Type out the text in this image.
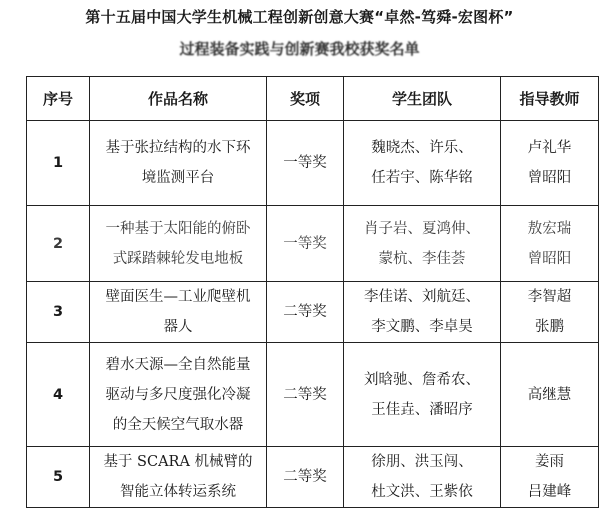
第十五届中国大学生机械工程创新创意大赛“卓然-笃舜-宏图杯”
过程装备实践与创新赛我校获奖名单
序号	作品名称	奖项	学生团队	指导教师
1	基于张拉结构的水下环
境监测平台	一等奖	魏晓杰、许乐、
任若宇、陈华铭	卢礼华
曾昭阳

2	一种基于太阳能的俯卧
式踩踏棘轮发电地板	一等奖	肖子岩、夏鸿伸、
蒙杭、李佳荟	敖宏瑞
曾昭阳

3	壁面医生—工业爬壁机
器人	二等奖	李佳诺、刘航廷、
李文鹏、李卓昊	李智超
张鹏

4	碧水天源—全自然能量
驱动与多尺度强化冷凝
的全天候空气取水器	二等奖	刘晗驰、詹希农、
王佳垚、潘昭序	高继慧

5	基于 SCARA 机械臂的
智能立体转运系统	二等奖	徐朋、洪玉闯、
杜文洪、王紫依	姜雨
吕建峰
